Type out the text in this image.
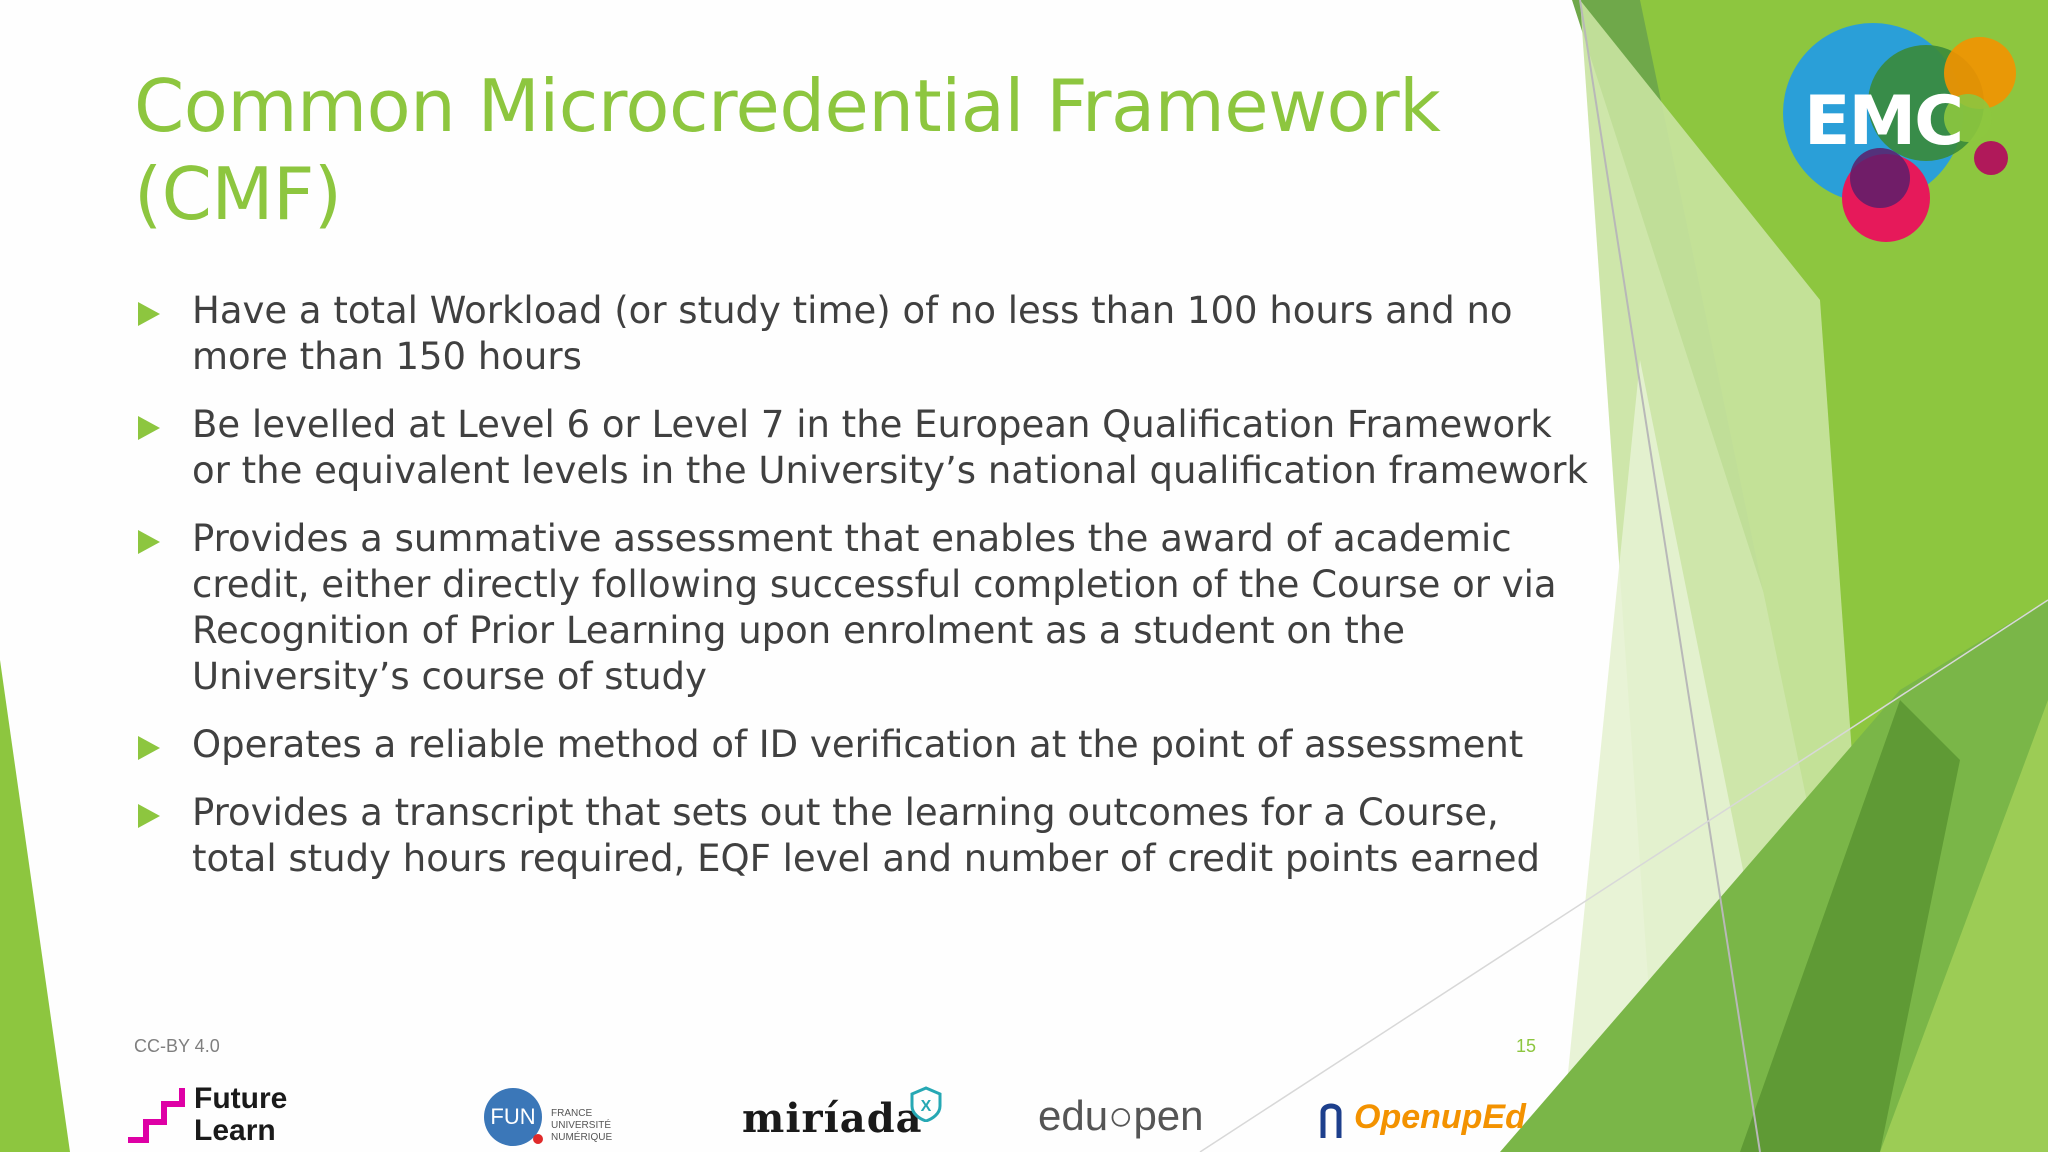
EMC
Common Microcredential Framework (CMF)
Have a total Workload (or study time) of no less than 100 hours and no more than 150 hours
Be levelled at Level 6 or Level 7 in the European Qualification Framework or the equivalent levels in the University’s national qualification framework
Provides a summative assessment that enables the award of academic credit, either directly following successful completion of the Course or via Recognition of Prior Learning upon enrolment as a student on the University’s course of study
Operates a reliable method of ID verification at the point of assessment
Provides a transcript that sets out the learning outcomes for a Course, total study hours required, EQF level and number of credit points earned
CC-BY 4.0	15
Future
Learn	FUN	FRANCE
UNIVERSITÉ
NUMÉRIQUE	miríada
X	edu○pen	OpenupEd
